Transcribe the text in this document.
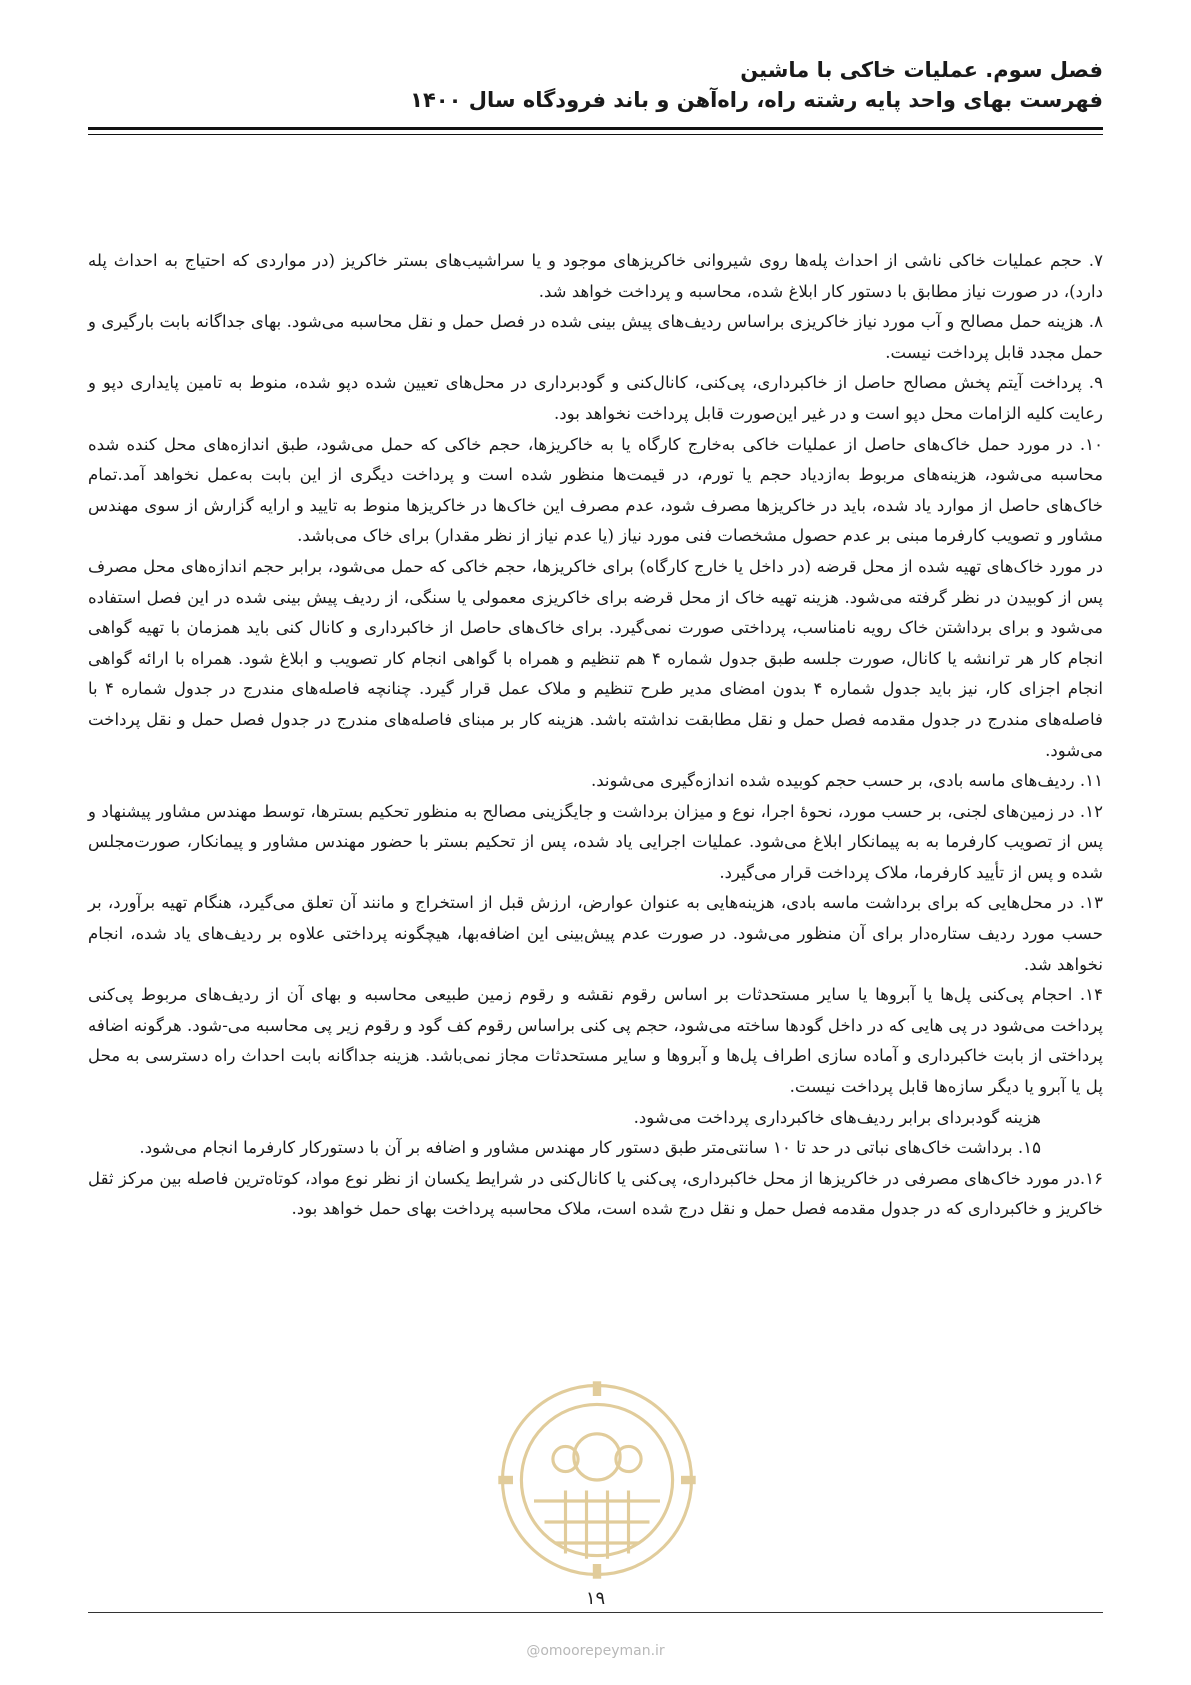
فصل سوم. عملیات خاکی با ماشین
فهرست بهای واحد پایه رشته راه، راه‌آهن و باند فرودگاه سال ۱۴۰۰

۷. حجم عملیات خاکی ناشی از احداث پله‌ها روی شیروانی خاکریزهای موجود و یا سراشیب‌های بستر خاکریز (در مواردی که احتیاج به احداث پله دارد)، در صورت نیاز مطابق با دستور کار ابلاغ شده، محاسبه و پرداخت خواهد شد.

۸. هزینه حمل مصالح و آب مورد نیاز خاکریزی براساس ردیف‌های پیش بینی شده در فصل حمل و نقل محاسبه می‌شود. بهای جداگانه بابت بارگیری و حمل مجدد قابل پرداخت نیست.

۹. پرداخت آیتم پخش مصالح حاصل از خاکبرداری، پی‌کنی، کانال‌کنی و گودبرداری در محل‌های تعیین شده دپو شده، منوط به تامین پایداری دپو و رعایت کلیه الزامات محل دپو است و در غیر این‌صورت قابل پرداخت نخواهد بود.

۱۰. در مورد حمل خاک‌های حاصل از عملیات خاکی به‌خارج کارگاه یا به خاکریزها، حجم خاکی که حمل می‌شود، طبق اندازه‌های محل کنده شده محاسبه می‌شود، هزینه‌های مربوط به‌ازدیاد حجم یا تورم، در قیمت‌ها منظور شده است و پرداخت دیگری از این بابت به‌عمل نخواهد آمد.تمام خاک‌های حاصل از موارد یاد شده، باید در خاکریزها مصرف شود، عدم مصرف این خاک‌ها در خاکریزها منوط به تایید و ارایه گزارش از سوی مهندس مشاور و تصویب کارفرما مبنی بر عدم حصول مشخصات فنی مورد نیاز (یا عدم نیاز از نظر مقدار) برای خاک می‌باشد.

در مورد خاک‌های تهیه شده از محل قرضه (در داخل یا خارج کارگاه) برای خاکریزها، حجم خاکی که حمل می‌شود، برابر حجم اندازه‌های محل مصرف پس از کوبیدن در نظر گرفته می‌شود. هزینه تهیه خاک از محل قرضه برای خاکریزی معمولی یا سنگی، از ردیف پیش بینی شده در این فصل استفاده می‌شود و برای برداشتن خاک رویه نامناسب، پرداختی صورت نمی‌گیرد. برای خاک‌های حاصل از خاکبرداری و کانال کنی باید همزمان با تهیه گواهی انجام کار هر ترانشه یا کانال، صورت جلسه طبق جدول شماره ۴ هم تنظیم و همراه با گواهی انجام کار تصویب و ابلاغ شود. همراه با ارائه گواهی انجام اجزای کار، نیز باید جدول شماره ۴ بدون امضای مدیر طرح تنظیم و ملاک عمل قرار گیرد. چنانچه فاصله‌های مندرج در جدول شماره ۴ با فاصله‌های مندرج در جدول مقدمه فصل حمل و نقل مطابقت نداشته باشد. هزینه کار بر مبنای فاصله‌های مندرج در جدول فصل حمل و نقل پرداخت می‌شود.

۱۱. ردیف‌های ماسه بادی، بر حسب حجم کوبیده شده اندازه‌گیری می‌شوند.

۱۲. در زمین‌های لجنی، بر حسب مورد، نحوهٔ اجرا، نوع و میزان برداشت و جایگزینی مصالح به منظور تحکیم بسترها، توسط مهندس مشاور پیشنهاد و پس از تصویب کارفرما به به پیمانکار ابلاغ می‌شود. عملیات اجرایی یاد شده، پس از تحکیم بستر با حضور مهندس مشاور و پیمانکار، صورت‌مجلس شده و پس از تأیید کارفرما، ملاک پرداخت قرار می‌گیرد.

۱۳. در محل‌هایی که برای برداشت ماسه بادی، هزینه‌هایی به عنوان عوارض، ارزش قبل از استخراج و مانند آن تعلق می‌گیرد، هنگام تهیه برآورد، بر حسب مورد ردیف ستاره‌دار برای آن منظور می‌شود. در صورت عدم پیش‌بینی این اضافه‌بها، هیچگونه پرداختی علاوه بر ردیف‌های یاد شده، انجام نخواهد شد.

۱۴. احجام پی‌کنی پل‌ها یا آبروها یا سایر مستحدثات بر اساس رقوم نقشه و رقوم زمین طبیعی محاسبه و بهای آن از ردیف‌های مربوط پی‌کنی پرداخت می‌شود در پی هایی که در داخل گودها ساخته می‌شود، حجم پی کنی براساس رقوم کف گود و رقوم زیر پی محاسبه می-شود. هرگونه اضافه پرداختی از بابت خاکبرداری و آماده سازی اطراف پل‌ها و آبروها و سایر مستحدثات مجاز نمی‌باشد. هزینه جداگانه بابت احداث راه دسترسی به محل پل یا آبرو یا دیگر سازه‌ها قابل پرداخت نیست.

هزینه گودبرداى برابر ردیف‌های خاکبرداری پرداخت می‌شود.

۱۵. برداشت خاک‌های نباتی در حد تا ۱۰ سانتی‌متر طبق دستور کار مهندس مشاور و اضافه بر آن با دستورکار کارفرما انجام می‌شود.

۱۶.در مورد خاک‌های مصرفی در خاکریزها از محل خاکبرداری، پی‌کنی یا کانال‌کنی در شرایط یکسان از نظر نوع مواد، کوتاه‌ترین فاصله بین مرکز ثقل خاکریز و خاکبرداری که در جدول مقدمه فصل حمل و نقل درج شده است، ملاک محاسبه پرداخت بهای حمل خواهد بود.

۱۹
@omoorepeyman.ir
